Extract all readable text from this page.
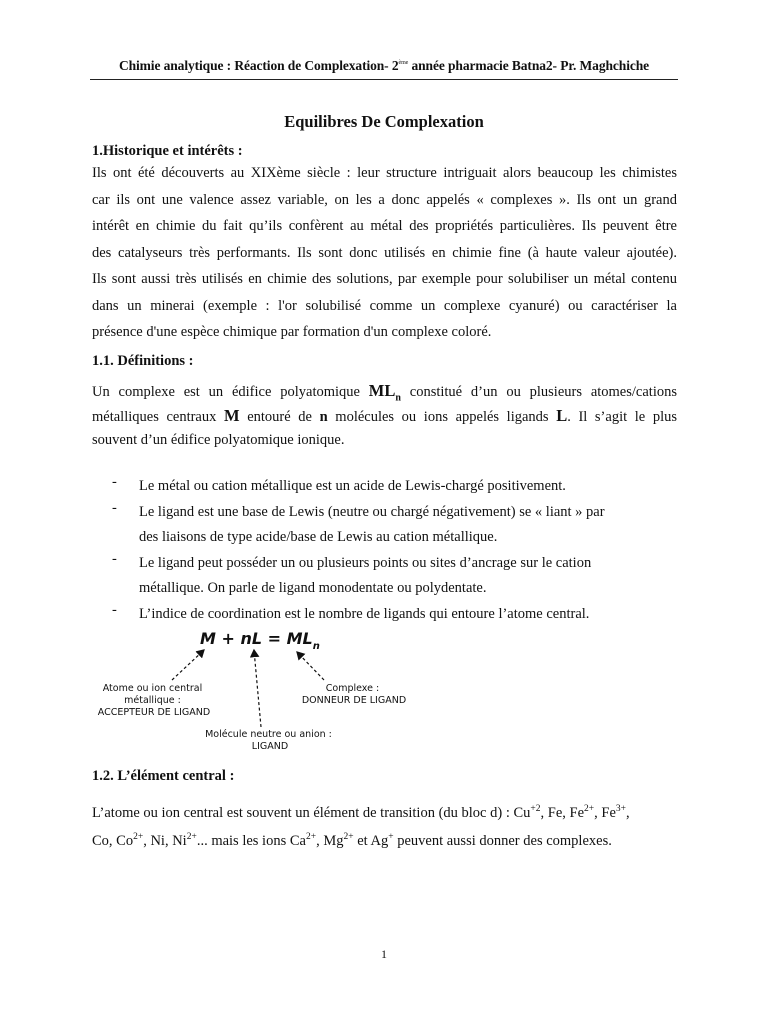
Chimie analytique : Réaction de Complexation- 2ème année pharmacie Batna2- Pr. Maghchiche
Equilibres De Complexation
1.Historique et intérêts :
Ils ont été découverts au XIXème siècle : leur structure intriguait alors beaucoup les chimistes
car ils ont une valence assez variable, on les a donc appelés « complexes ». Ils ont un grand
intérêt en chimie du fait qu’ils confèrent au métal des propriétés particulières. Ils peuvent être
des catalyseurs très performants. Ils sont donc utilisés en chimie fine (à haute valeur ajoutée).
Ils sont aussi très utilisés en chimie des solutions, par exemple pour solubiliser un métal contenu
dans un minerai (exemple : l'or solubilisé comme un complexe cyanuré) ou caractériser la
présence d'une espèce chimique par formation d'un complexe coloré.
1.1. Définitions :
Un complexe est un édifice polyatomique $ML_n$ constitué d’un ou plusieurs atomes/cations
métalliques centraux M entouré de n molécules ou ions appelés ligands L. Il s’agit le plus
souvent d’un édifice polyatomique ionique.
- Le métal ou cation métallique est un acide de Lewis-chargé positivement.
- Le ligand est une base de Lewis (neutre ou chargé négativement) se « liant » par
des liaisons de type acide/base de Lewis au cation métallique.
- Le ligand peut posséder un ou plusieurs points ou sites d’ancrage sur le cation
métallique. On parle de ligand monodentate ou polydentate.
- L’indice de coordination est le nombre de ligands qui entoure l’atome central.
M + nL = $ML_n$
Atome ou ion central métallique : ACCEPTEUR DE LIGAND
Complexe : DONNEUR DE LIGAND
Molécule neutre ou anion : LIGAND
1.2. L’élément central :
L’atome ou ion central est souvent un élément de transition (du bloc d) : $Cu^{+2}$, Fe, $Fe^{2+}$, $Fe^{3+}$,
Co, $Co^{2+}$, Ni, $Ni^{2+}$... mais les ions $Ca^{2+}$, $Mg^{2+}$ et Ag+ peuvent aussi donner des complexes.
1
